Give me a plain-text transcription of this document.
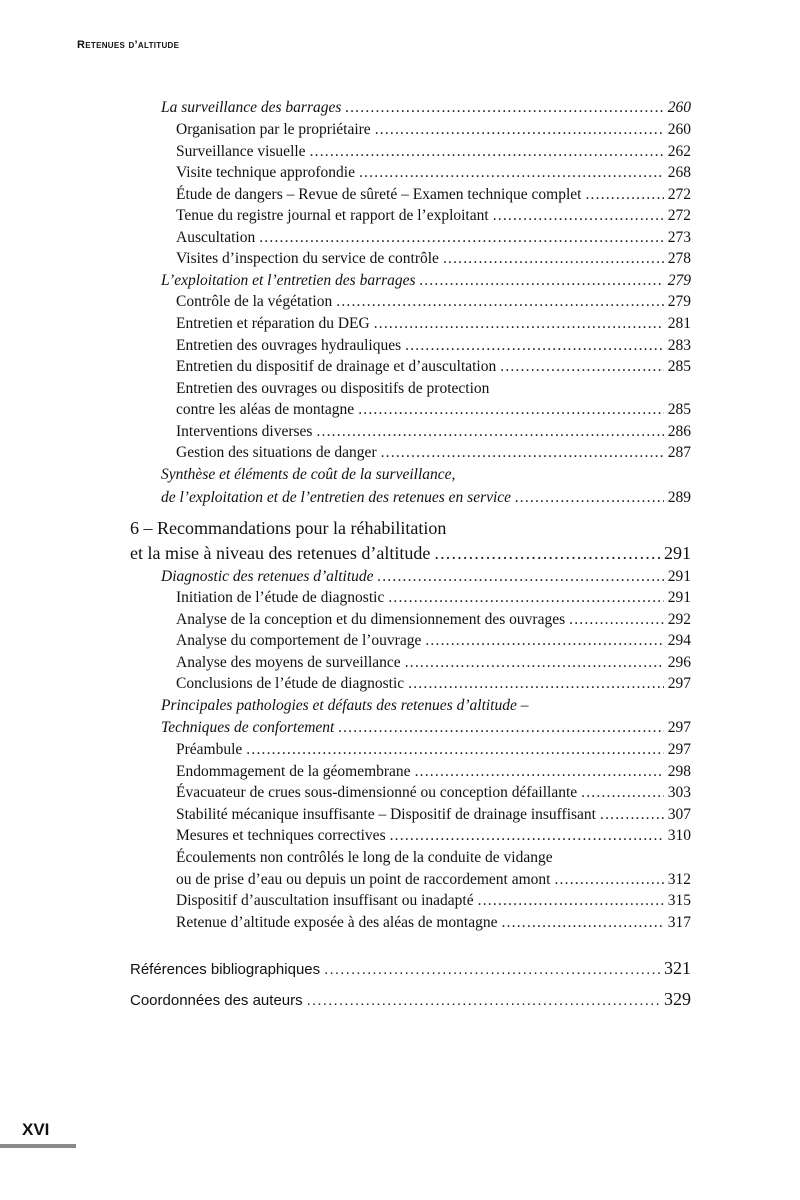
Retenues d’altitude
La surveillance des barrages .....	260
Organisation par le propriétaire .....	260
Surveillance visuelle .....	262
Visite technique approfondie .....	268
Étude de dangers – Revue de sûreté – Examen technique complet .....	272
Tenue du registre journal et rapport de l’exploitant .....	272
Auscultation .....	273
Visites d’inspection du service de contrôle .....	278
L’exploitation et l’entretien des barrages .....	279
Contrôle de la végétation .....	279
Entretien et réparation du DEG .....	281
Entretien des ouvrages hydrauliques .....	283
Entretien du dispositif de drainage et d’auscultation .....	285
Entretien des ouvrages ou dispositifs de protection
contre les aléas de montagne .....	285
Interventions diverses .....	286
Gestion des situations de danger .....	287
Synthèse et éléments de coût de la surveillance,
de l’exploitation et de l’entretien des retenues en service .....	289
6 – Recommandations pour la réhabilitation
et la mise à niveau des retenues d’altitude .....	291
Diagnostic des retenues d’altitude .....	291
Initiation de l’étude de diagnostic .....	291
Analyse de la conception et du dimensionnement des ouvrages .....	292
Analyse du comportement de l’ouvrage .....	294
Analyse des moyens de surveillance .....	296
Conclusions de l’étude de diagnostic .....	297
Principales pathologies et défauts des retenues d’altitude –
Techniques de confortement .....	297
Préambule .....	297
Endommagement de la géomembrane .....	298
Évacuateur de crues sous-dimensionné ou conception défaillante .....	303
Stabilité mécanique insuffisante – Dispositif de drainage insuffisant .....	307
Mesures et techniques correctives .....	310
Écoulements non contrôlés le long de la conduite de vidange
ou de prise d’eau ou depuis un point de raccordement amont .....	312
Dispositif d’auscultation insuffisant ou inadapté .....	315
Retenue d’altitude exposée à des aléas de montagne .....	317
Références bibliographiques .....	321
Coordonnées des auteurs .....	329
XVI
